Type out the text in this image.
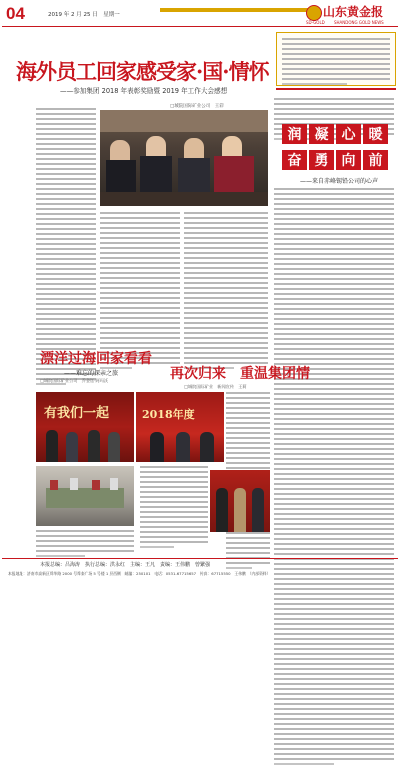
04	2019 年 2 月 25 日　星期一	山东黄金报
SD-GOLD SHANDONG GOLD NEWS
海外员工回家感受家·国·情怀
——参加集团 2018 年表彰奖励暨 2019 年工作大会感想
□城院国际矿业公司　王彩
润 凝 心 暖
奋 勇 向 前
——来自赤峰锡铅公司的心声
漂洋过海回家看看
——难忘的探亲之旅
□城院国际矿业公司　乔金钰·阿玛沃	再次归来　重温集团情
□城院国际矿业　新闻宣传　王莉
有我们一起	2018年度
本报总编：吕海涛　执行总编：洪永红　主编：王凡　责编：王伟鹏　曾繁强
本报地址：济南市高新区舜华路 2000 号舜泰广场 5 号楼 1 层西侧　邮编：250101　电话：0531-67715657　传真：67715550　王伟鹏　（内部资料）
